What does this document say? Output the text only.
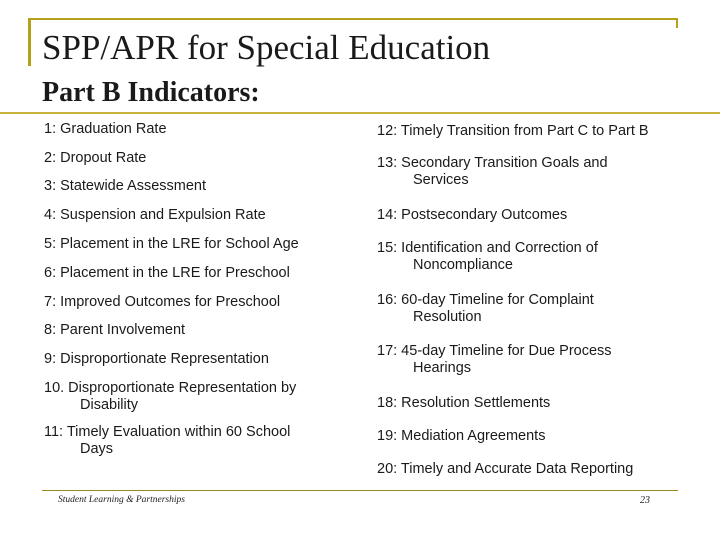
SPP/APR for Special Education
Part B Indicators:
1: Graduation Rate
2: Dropout Rate
3: Statewide Assessment
4: Suspension and Expulsion Rate
5: Placement in the LRE for School Age
6: Placement in the LRE for Preschool
7: Improved Outcomes for Preschool
8: Parent Involvement
9: Disproportionate Representation
10. Disproportionate Representation by
Disability
11: Timely Evaluation within 60 School
Days
12: Timely Transition from Part C to Part B
13: Secondary Transition Goals and
Services
14: Postsecondary Outcomes
15: Identification and Correction of
Noncompliance
16: 60-day Timeline for Complaint
Resolution
17: 45-day Timeline for Due Process
Hearings
18: Resolution Settlements
19: Mediation Agreements
20: Timely and Accurate Data Reporting
Student Learning & Partnerships	23
